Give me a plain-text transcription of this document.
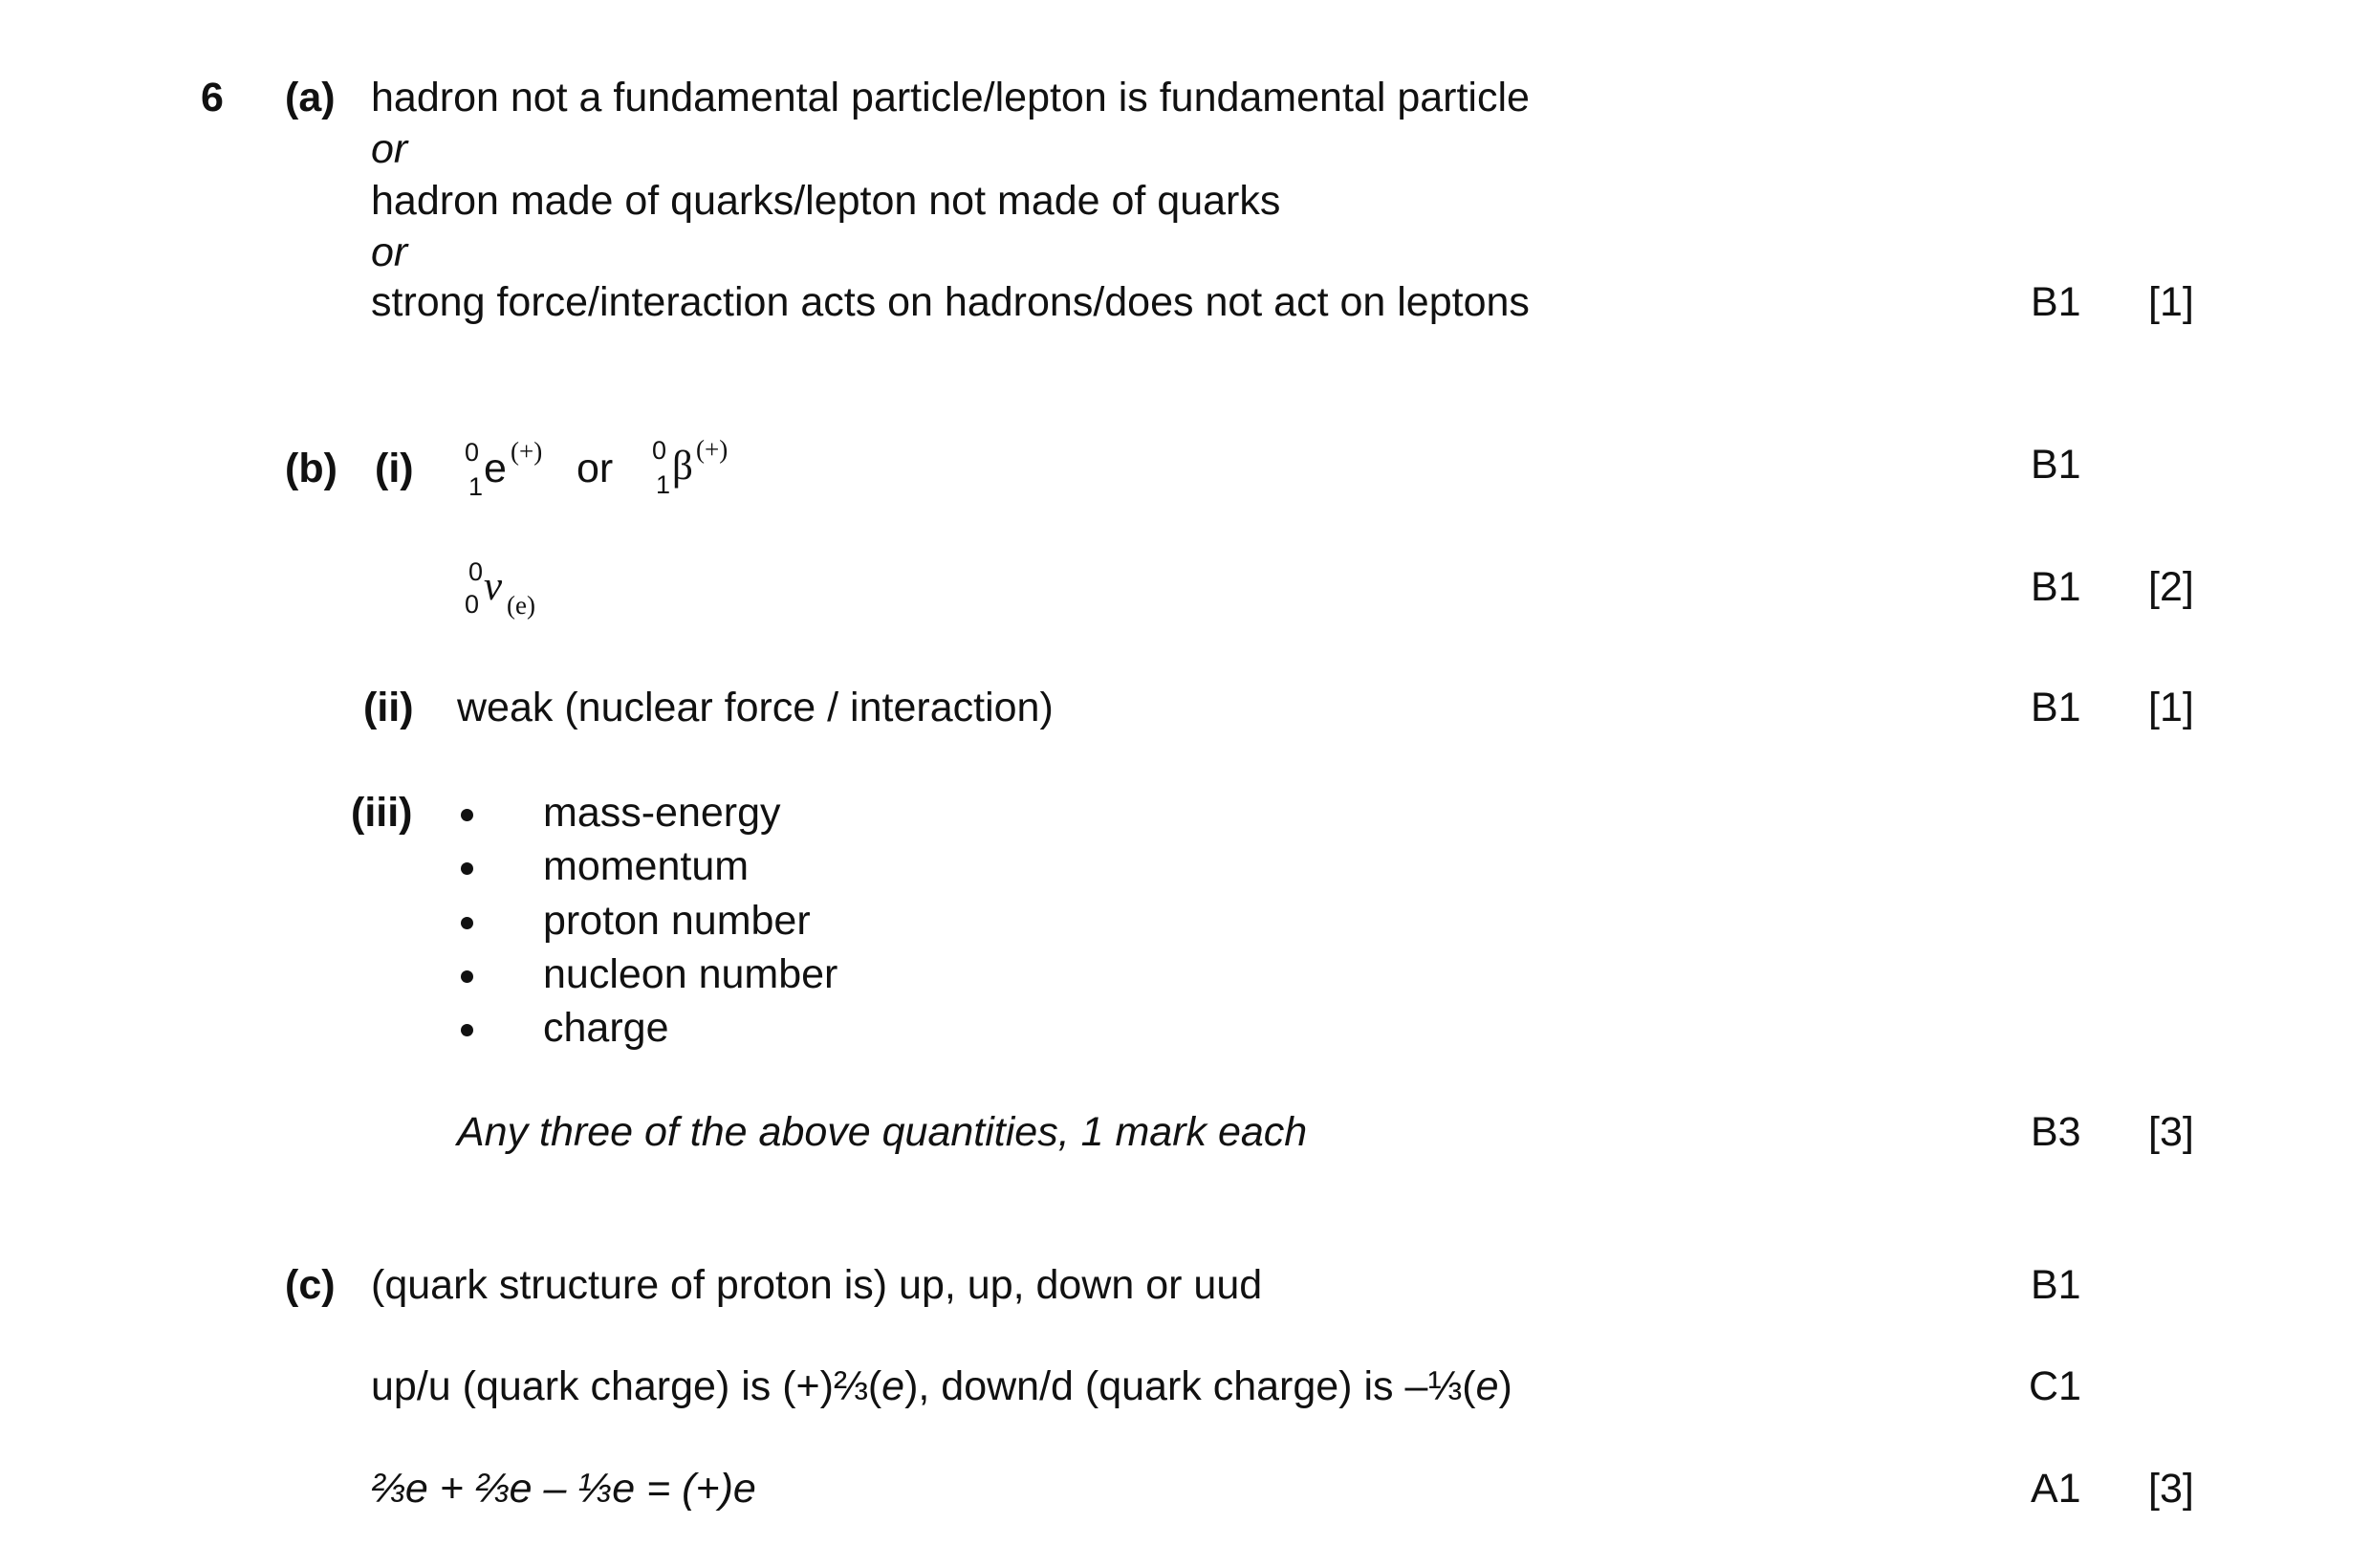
6 (a) hadron not a fundamental particle/lepton is fundamental particle
or
hadron made of quarks/lepton not made of quarks
or
strong force/interaction acts on hadrons/does not act on leptons	B1 [1]
(b) (i) 0
1 e (+) or 0
1 β (+)	B1
0
0 ν (e)	B1 [2]
(ii) weak (nuclear force / interaction)	B1 [1]
(iii)	mass-energy
momentum
proton number
nucleon number
charge
Any three of the above quantities, 1 mark each	B3 [3]
(c) (quark structure of proton is) up, up, down or uud	B1
up/u (quark charge) is (+)⅔(e), down/d (quark charge) is –⅓(e)	C1
⅔e + ⅔e – ⅓e = (+)e	A1 [3]
